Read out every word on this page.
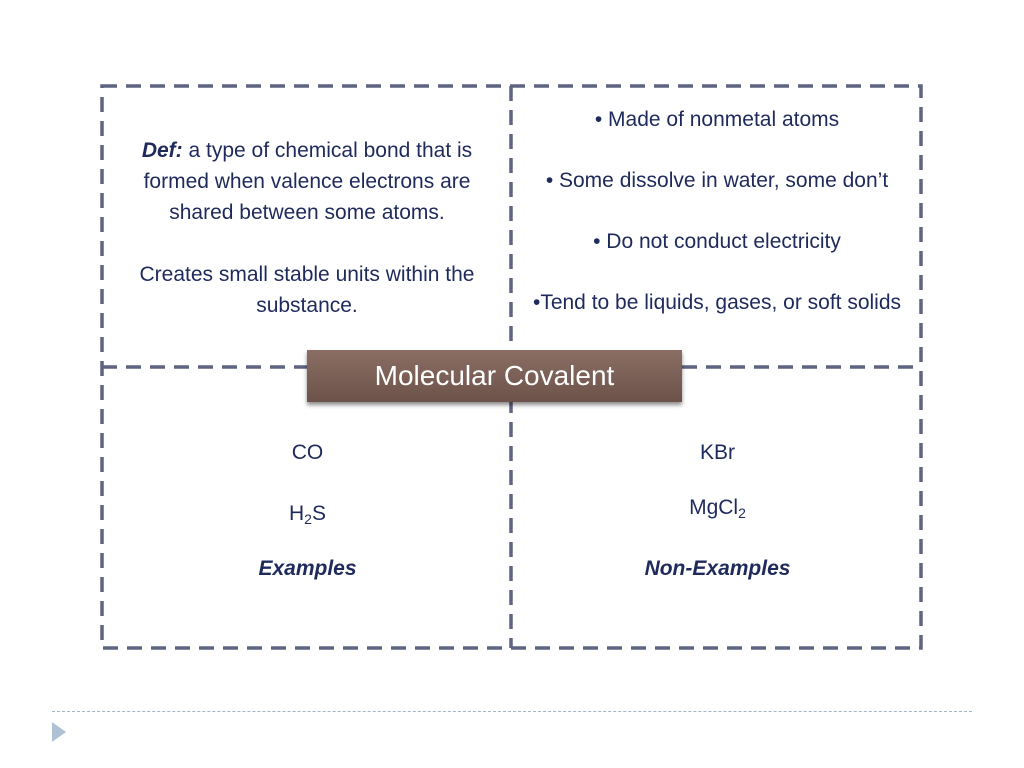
Def: a type of chemical bond that is formed when valence electrons are shared between some atoms.

Creates small stable units within the substance.

• Made of nonmetal atoms

• Some dissolve in water, some don’t

• Do not conduct electricity

•Tend to be liquids, gases, or soft solids

Molecular Covalent
CO
$H_2S$
Examples
KBr
MgCl$_2$
Non-Examples
